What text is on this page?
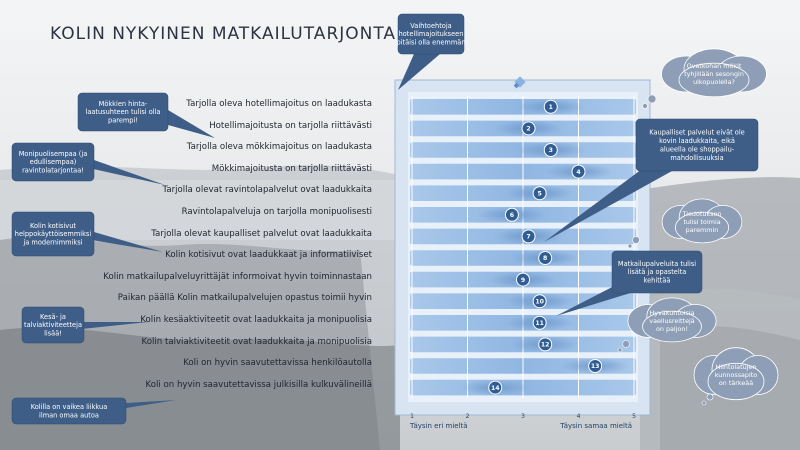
KOLIN NYKYINEN MATKAILUTARJONTA
Tarjolla oleva hotellimajoitus on laadukasta
Hotellimajoitusta on tarjolla riittävästi
Tarjolla oleva mökkimajoitus on laadukasta
Mökkimajoitusta on tarjolla riittävästi
Tarjolla olevat ravintolapalvelut ovat laadukkaita
Ravintolapalveluja on tarjolla monipuolisesti
Tarjolla olevat kaupalliset palvelut ovat laadukkaita
Kolin kotisivut ovat laadukkaat ja informatiiviset
Kolin matkailupalveluyrittäjät informoivat hyvin toiminnastaan
Paikan päällä Kolin matkailupalvelujen opastus toimii hyvin
Kolin kesäaktiviteetit ovat laadukkaita ja monipuolisia
Kolin talviaktiviteetit ovat laadukkaita ja monipuolisia
Koli on hyvin saavutettavissa henkilöautolla
Koli on hyvin saavutettavissa julkisilla kulkuvälineillä
1
2
3
4
5
6
7
8
9
10
11
12
13
14
1	2	3	4	5
Täysin eri mieltä	Täysin samaa mieltä
Vaihtoehtoja
hotellimajoitukseen
pitäisi olla enemmän
Mökkien hinta-
laatusuhteen tulisi olla
parempi!
Monipuolisempaa (ja
edullisempaa)
ravintolatarjontaa!
Kolin kotisivut
helppokäyttöisemmiksi
ja modernimmiksi
Kesä- ja
talviaktiviteetteja
lisää!
Kolilla on vaikea liikkua
ilman omaa autoa
Kaupalliset palvelut eivät ole
kovin laadukkaita, eikä
alueella ole shoppailu-
mahdollisuuksia
Matkailupalveluita tulisi
lisätä ja opastelta
kehittää
Ovatkohan mökit
tyhjillään sesongin
ulkopuolella?
Tiedotuksen
tulisi toimia
paremmin
Hyväkuntoisia
vaellusreittejä
on paljon!
Hiihtolatujen
kunnossapito
on tärkeää
